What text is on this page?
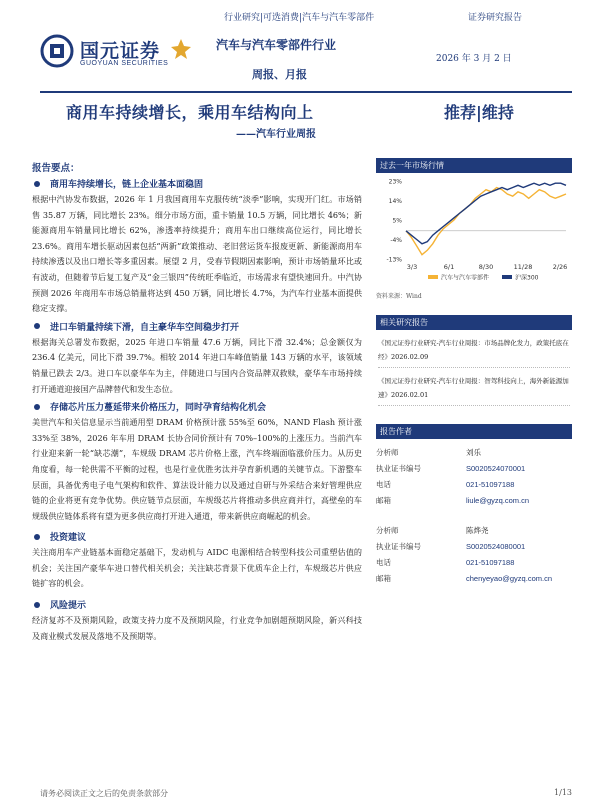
行业研究|可选消费|汽车与汽车零部件	证券研究报告
国元证券
GUOYUAN SECURITIES
汽车与汽车零部件行业
2026 年 3 月 2 日
周报、月报
商用车持续增长，乘用车结构向上
——汽车行业周报
推荐|维持
报告要点：
商用车持续增长，链上企业基本面稳固
根据中汽协发布数据，2026 年 1 月我国商用车克服传统“淡季”影响，实现开门红。市场销售 35.87 万辆，同比增长 23%。细分市场方面，重卡销量 10.5 万辆，同比增长 46%；新能源商用车销量同比增长 62%，渗透率持续提升；商用车出口继续高位运行，同比增长 23.6%。商用车增长驱动因素包括“两新”政策推动、老旧营运货车报废更新、新能源商用车持续渗透以及出口增长等多重因素。展望 2 月，受春节假期因素影响，预计市场销量环比或有波动，但随着节后复工复产及“金三银四”传统旺季临近，市场需求有望快速回升。中汽协预测 2026 年商用车市场总销量将达到 450 万辆，同比增长 4.7%，为汽车行业基本面提供稳定支撑。
进口车销量持续下滑，自主豪华车空间稳步打开
根据海关总署发布数据，2025 年进口车销量 47.6 万辆，同比下滑 32.4%；总金额仅为 236.4 亿美元，同比下滑 39.7%。相较 2014 年进口车峰值销量 143 万辆的水平，该领域销量已跌去 2/3。进口车以豪华车为主，伴随进口与国内合资品牌双救赎，豪华车市场持续打开通道迎接国产品牌替代和发生态位。
存储芯片压力蔓延带来价格压力，同时孕育结构化机会
美世汽车和关信息显示当前通用型 DRAM 价格预计涨 55%至 60%，NAND Flash 预计涨 33%至 38%，2026 年车用 DRAM 长协合同价预计有 70%–100%的上涨压力。当前汽车行业迎来新一轮“缺芯潮”，车规级 DRAM 芯片价格上涨，汽车终端面临涨价压力。从历史角度看，每一轮供需不平衡的过程，也是行业优胜劣汰并孕育新机遇的关键节点。下游整车层面，具备优秀电子电气架构和软件、算法设计能力以及通过自研与外采结合来好管理供应链的企业将更有竞争优势。供应链节点层面，车规级芯片将推动多供应商并行，高壁垒的车规级供应链体系将有望为更多供应商打开进入通道，带来新供应商崛起的机会。
投资建议
关注商用车产业链基本面稳定基础下，发动机与 AIDC 电源相结合转型科技公司重塑估值的机会；关注国产豪华车进口替代相关机会；关注缺芯背景下优质车企上行，车规级芯片供应链扩容的机会。
风险提示
经济复苏不及预期风险，政策支持力度不及预期风险，行业竞争加剧超预期风险，新兴科技及商业模式发展及落地不及预期等。
过去一年市场行情
23%
14%
5%
-4%
-13%
3/3	6/1	8/30	11/28	2/26
汽车与汽车零部件	沪深300
资料来源：Wind
相关研究报告
《国元证券行业研究-汽车行业周报：市场品牌化发力，政策托底在经》2026.02.09
《国元证券行业研究-汽车行业周报：智驾科技向上，海外新能源加速》2026.02.01
报告作者
分析师	刘乐
执业证书编号	S0020524070001
电话	021-51097188
邮箱	liule@gyzq.com.cn
分析师	陈烨尧
执业证书编号	S0020524080001
电话	021-51097188
邮箱	chenyeyao@gyzq.com.cn
请务必阅读正文之后的免责条款部分	1/13
